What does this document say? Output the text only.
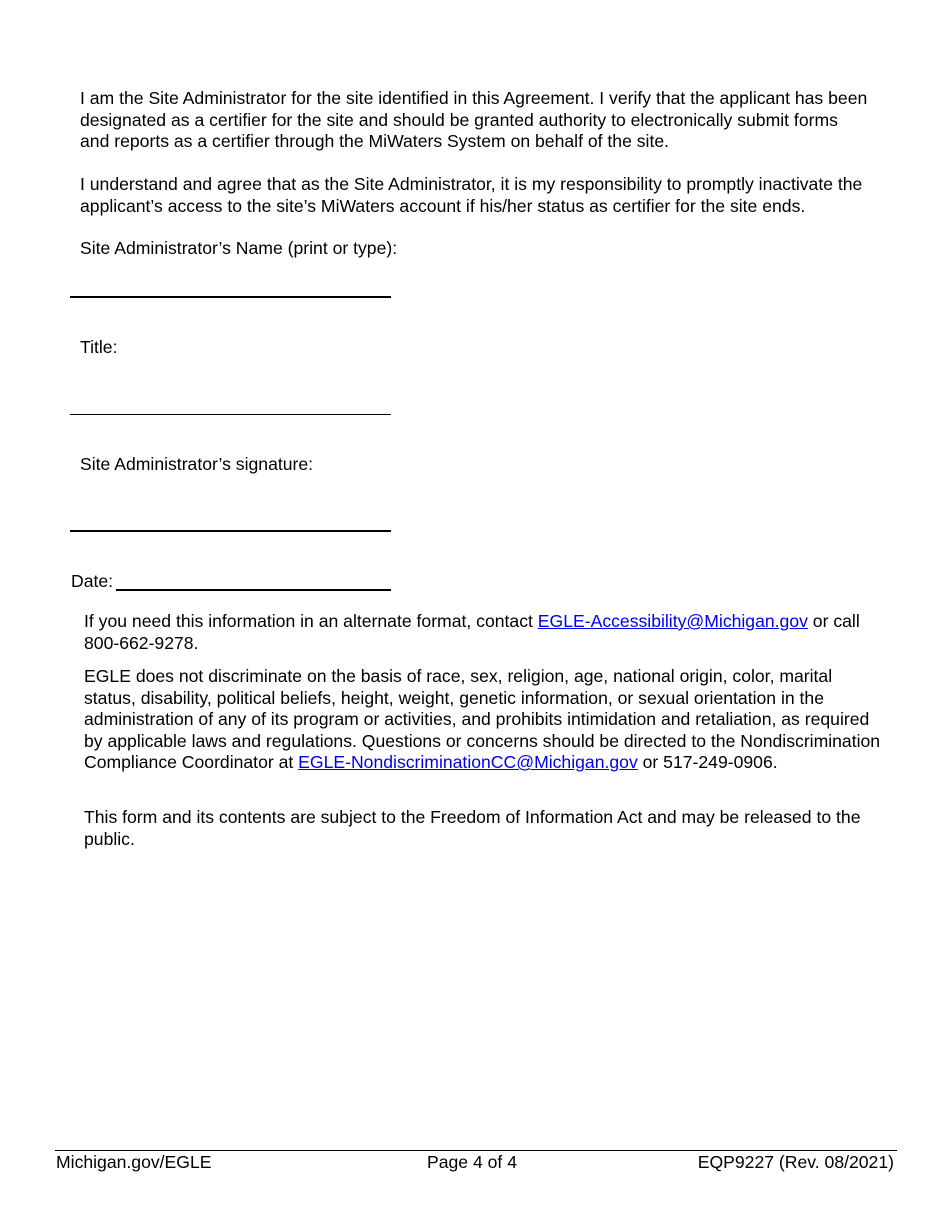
I am the Site Administrator for the site identified in this Agreement. I verify that the applicant has been designated as a certifier for the site and should be granted authority to electronically submit forms and reports as a certifier through the MiWaters System on behalf of the site.

I understand and agree that as the Site Administrator, it is my responsibility to promptly inactivate the applicant’s access to the site’s MiWaters account if his/her status as certifier for the site ends.

Site Administrator’s Name (print or type):

Title:

Site Administrator’s signature:

Date:

If you need this information in an alternate format, contact EGLE-Accessibility@Michigan.gov or call 800-662-9278.

EGLE does not discriminate on the basis of race, sex, religion, age, national origin, color, marital status, disability, political beliefs, height, weight, genetic information, or sexual orientation in the administration of any of its program or activities, and prohibits intimidation and retaliation, as required by applicable laws and regulations. Questions or concerns should be directed to the Nondiscrimination Compliance Coordinator at EGLE-NondiscriminationCC@Michigan.gov or 517-249-0906.

This form and its contents are subject to the Freedom of Information Act and may be released to the public.

Michigan.gov/EGLE	Page 4 of 4	EQP9227 (Rev. 08/2021)
